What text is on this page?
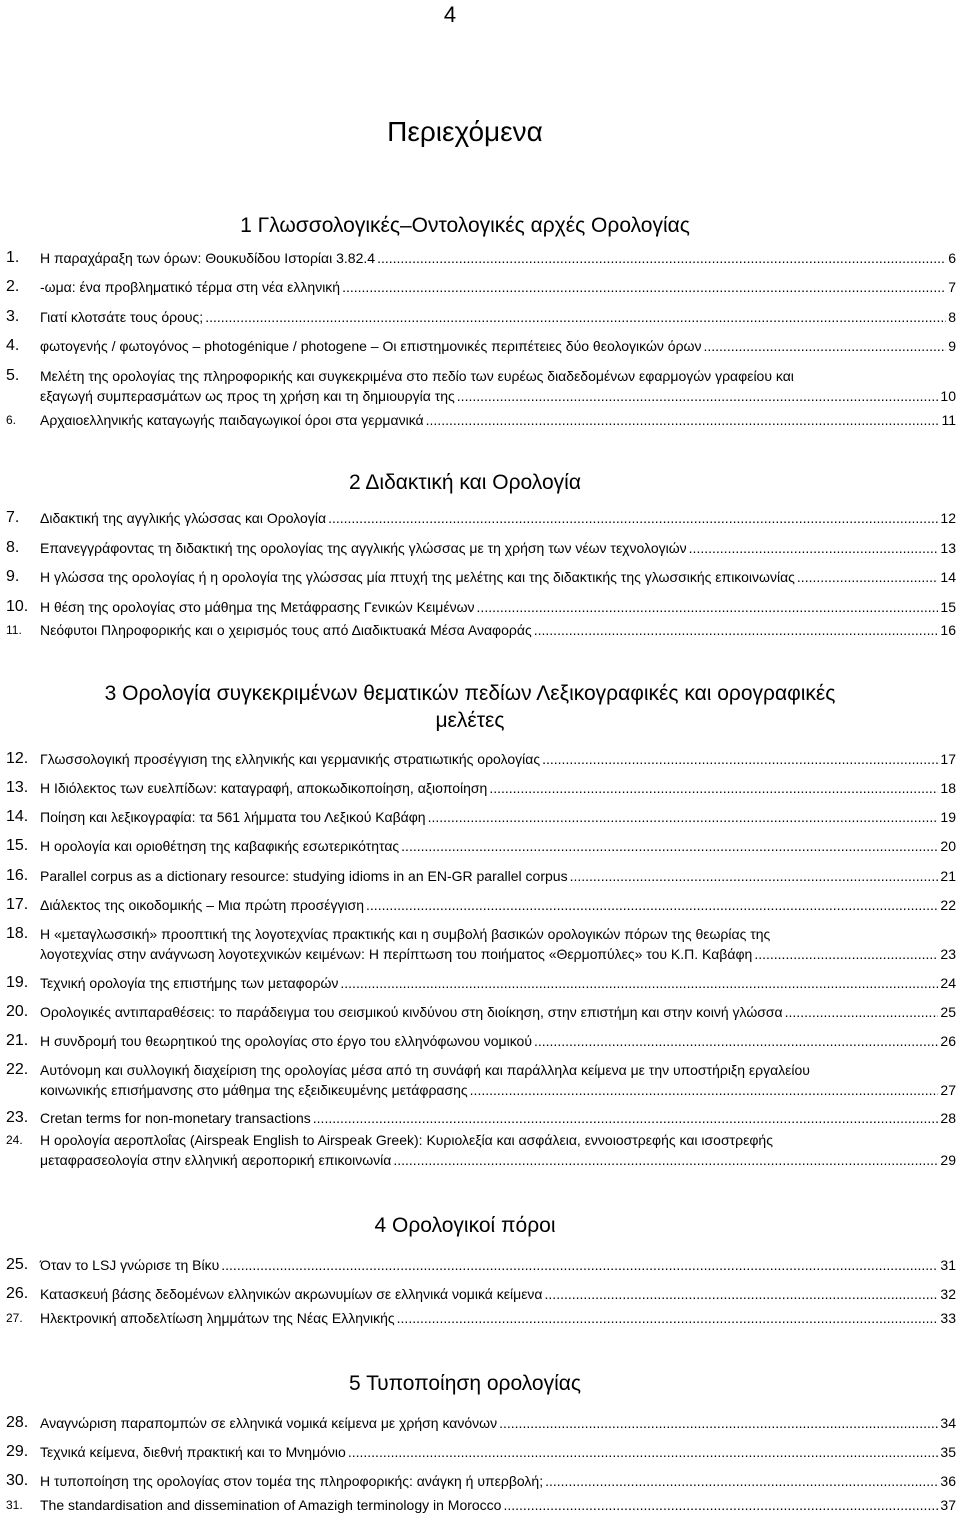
4
Περιεχόμενα
1 Γλωσσολογικές–Οντολογικές αρχές Ορολογίας
1.	Η παραχάραξη των όρων: Θουκυδίδου Ιστορίαι 3.82.4 .....	6
2.	-ωμα: ένα προβληματικό τέρμα στη νέα ελληνική .....	7
3.	Γιατί κλοτσάτε τους όρους; .....	8
4.	φωτογενής / φωτογόνος – photogénique / photogene – Οι επιστημονικές περιπέτειες δύο θεολογικών όρων .....	9
5.	Μελέτη της ορολογίας της πληροφορικής και συγκεκριμένα στο πεδίο των ευρέως διαδεδομένων εφαρμογών γραφείου και
εξαγωγή συμπερασμάτων ως προς τη χρήση και τη δημιουργία της .....	10
6.	Αρχαιοελληνικής καταγωγής παιδαγωγικοί όροι στα γερμανικά .....	11
2 Διδακτική και Ορολογία
7.	Διδακτική της αγγλικής γλώσσας και Ορολογία .....	12
8.	Επανεγγράφοντας τη διδακτική της ορολογίας της αγγλικής γλώσσας με τη χρήση των νέων τεχνολογιών .....	13
9.	Η γλώσσα της ορολογίας ή η ορολογία της γλώσσας μία πτυχή της μελέτης και της διδακτικής της γλωσσικής επικοινωνίας .....	14
10. Η θέση της ορολογίας στο μάθημα της Μετάφρασης Γενικών Κειμένων .....	15
11.	Νεόφυτοι Πληροφορικής και ο χειρισμός τους από Διαδικτυακά Μέσα Αναφοράς .....	16
3 Ορολογία συγκεκριμένων θεματικών πεδίων Λεξικογραφικές και ορογραφικές μελέτες
12. Γλωσσολογική προσέγγιση της ελληνικής και γερμανικής στρατιωτικής ορολογίας .....	17
13. Η Ιδιόλεκτος των ευελπίδων: καταγραφή, αποκωδικοποίηση, αξιοποίηση .....	18
14. Ποίηση και λεξικογραφία: τα 561 λήμματα του Λεξικού Καβάφη .....	19
15. Η ορολογία και οριοθέτηση της καβαφικής εσωτερικότητας .....	20
16. Parallel corpus as a dictionary resource: studying idioms in an EN-GR parallel corpus .....	21
17. Διάλεκτος της οικοδομικής – Μια πρώτη προσέγγιση .....	22
18. Η «μεταγλωσσική» προοπτική της λογοτεχνίας πρακτικής και η συμβολή βασικών ορολογικών πόρων της θεωρίας της
λογοτεχνίας στην ανάγνωση λογοτεχνικών κειμένων: Η περίπτωση του ποιήματος «Θερμοπύλες» του Κ.Π. Καβάφη .....	23
19. Τεχνική ορολογία της επιστήμης των μεταφορών .....	24
20. Ορολογικές αντιπαραθέσεις: το παράδειγμα του σεισμικού κινδύνου στη διοίκηση, στην επιστήμη και στην κοινή γλώσσα .....	25
21. Η συνδρομή του θεωρητικού της ορολογίας στο έργο του ελληνόφωνου νομικού .....	26
22. Αυτόνομη και συλλογική διαχείριση της ορολογίας μέσα από τη συνάφή και παράλληλα κείμενα με την υποστήριξη εργαλείου
κοινωνικής επισήμανσης στο μάθημα της εξειδικευμένης μετάφρασης .....	27
23. Cretan terms for non-monetary transactions .....	28
24.	Η ορολογία αεροπλοΐας (Airspeak English to Airspeak Greek): Κυριολεξία και ασφάλεια, εννοιοστρεφής και ισοστρεφής
μεταφρασεολογία στην ελληνική αεροπορική επικοινωνία .....	29
4 Ορολογικοί πόροι
25. Όταν το LSJ γνώρισε τη Βίκυ .....	31
26. Κατασκευή βάσης δεδομένων ελληνικών ακρωνυμίων σε ελληνικά νομικά κείμενα .....	32
27.	Ηλεκτρονική αποδελτίωση λημμάτων της Νέας Ελληνικής .....	33
5 Τυποποίηση ορολογίας
28. Αναγνώριση παραπομπών σε ελληνικά νομικά κείμενα με χρήση κανόνων .....	34
29. Τεχνικά κείμενα, διεθνή πρακτική και το Μνημόνιο .....	35
30. Η τυποποίηση της ορολογίας στον τομέα της πληροφορικής: ανάγκη ή υπερβολή; .....	36
31.	The standardisation and dissemination of Amazigh terminology in Morocco .....	37
